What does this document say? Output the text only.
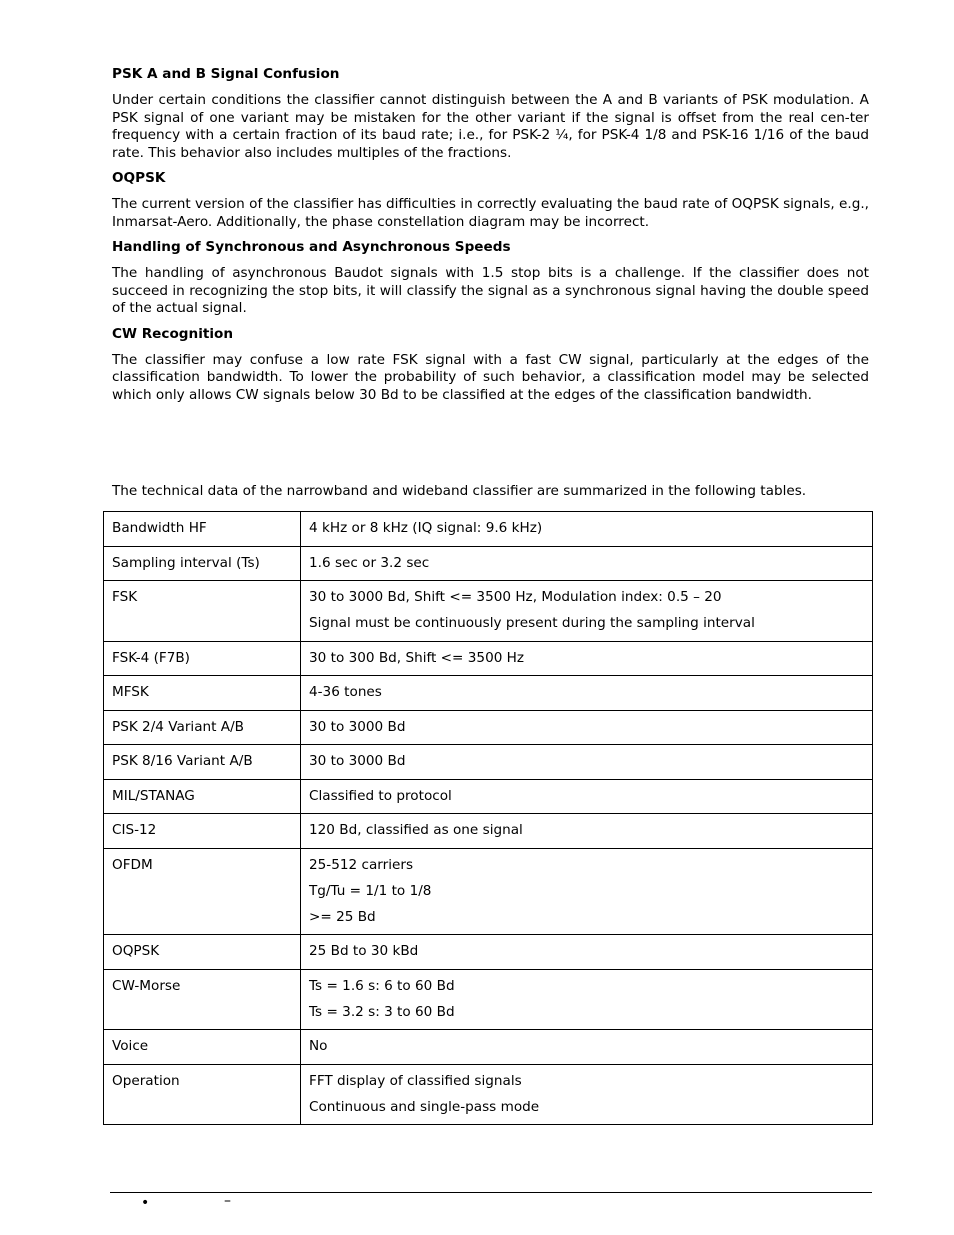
PSK A and B Signal Confusion

Under certain conditions the classifier cannot distinguish between the A and B variants of PSK modulation. A PSK signal of one variant may be mistaken for the other variant if the signal is offset from the real cen-ter frequency with a certain fraction of its baud rate; i.e., for PSK-2 ¼, for PSK-4 1/8 and PSK-16 1/16 of the baud rate. This behavior also includes multiples of the fractions.

OQPSK

The current version of the classifier has difficulties in correctly evaluating the baud rate of OQPSK signals, e.g., Inmarsat-Aero. Additionally, the phase constellation diagram may be incorrect.

Handling of Synchronous and Asynchronous Speeds

The handling of asynchronous Baudot signals with 1.5 stop bits is a challenge. If the classifier does not succeed in recognizing the stop bits, it will classify the signal as a synchronous signal having the double speed of the actual signal.

CW Recognition

The classifier may confuse a low rate FSK signal with a fast CW signal, particularly at the edges of the classification bandwidth. To lower the probability of such behavior, a classification model may be selected which only allows CW signals below 30 Bd to be classified at the edges of the classification bandwidth.

The technical data of the narrowband and wideband classifier are summarized in the following tables.

Bandwidth HF	4 kHz or 8 kHz (IQ signal: 9.6 kHz)

Sampling interval (Ts)	1.6 sec or 3.2 sec

FSK	30 to 3000 Bd, Shift <= 3500 Hz, Modulation index: 0.5 – 20
Signal must be continuously present during the sampling interval

FSK-4 (F7B)	30 to 300 Bd, Shift <= 3500 Hz

MFSK	4-36 tones

PSK 2/4 Variant A/B	30 to 3000 Bd

PSK 8/16 Variant A/B	30 to 3000 Bd

MIL/STANAG	Classified to protocol

CIS-12	120 Bd, classified as one signal

OFDM	25-512 carriers
Tg/Tu = 1/1 to 1/8
>= 25 Bd

OQPSK	25 Bd to 30 kBd

CW-Morse	Ts = 1.6 s: 6 to 60 Bd
Ts = 3.2 s: 3 to 60 Bd

Voice	No

Operation	FFT display of classified signals
Continuous and single-pass mode
•	–
